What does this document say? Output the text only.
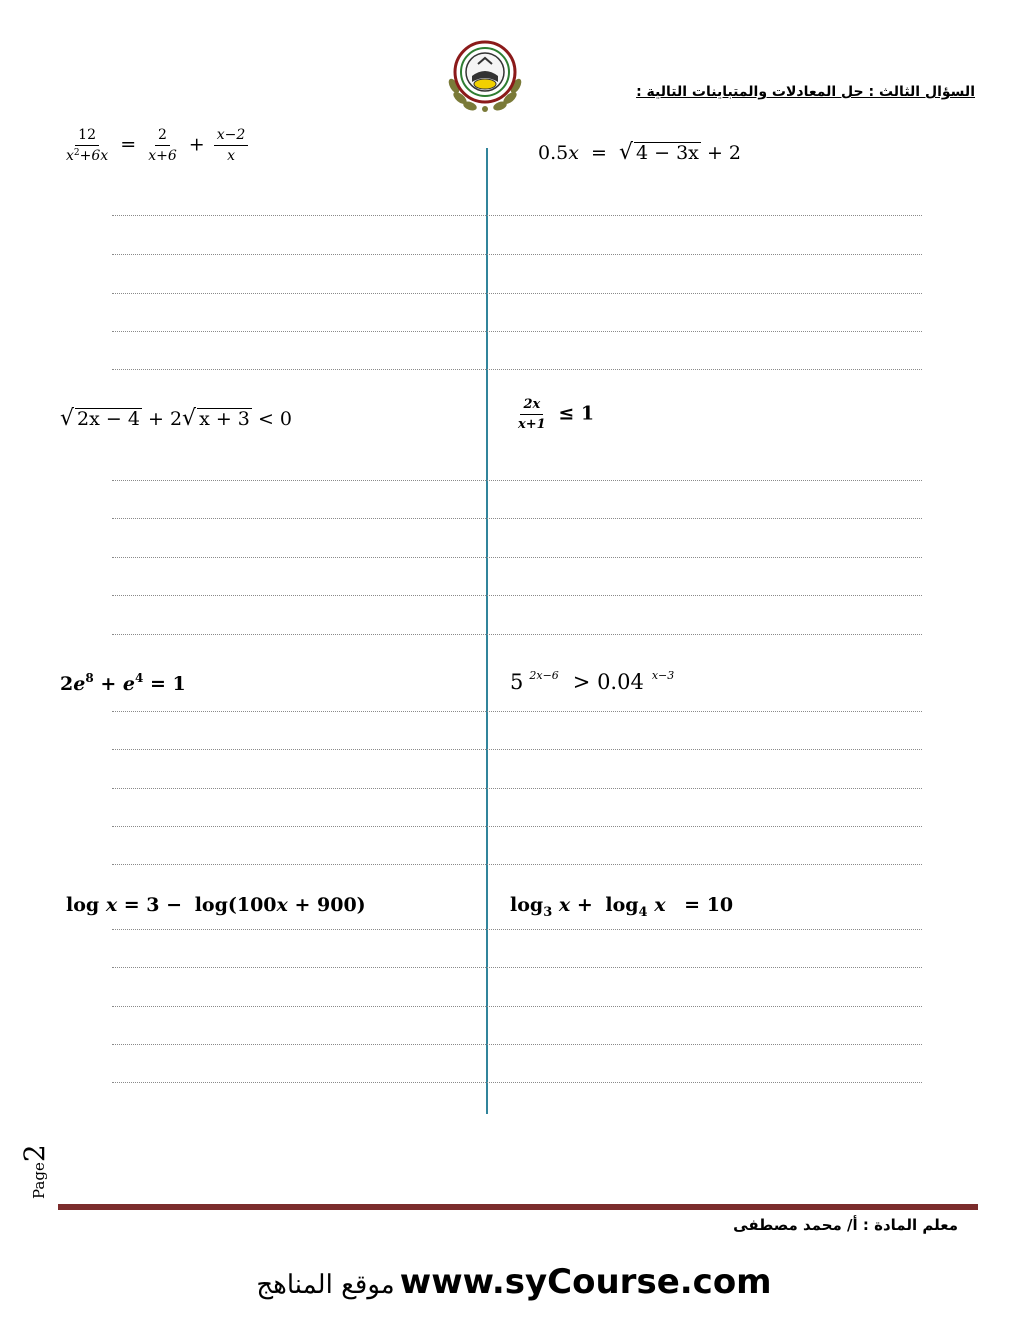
السؤال الثالث : حل المعادلات والمتباينات التالية :
$\frac{12}{x^2+6x} = \frac{2}{x+6} + \frac{x-2}{x}$	0.5x = √ 4 − 3x + 2
√ 2x − 4 + 2 √ x + 3 < 0	$\frac{2x}{x+1} \le 1$
$2e^8 + e^4 = 1$	5 $^{2x-6}$ > 0.04 $^{x-3}$
log x = 3 − log(100x + 900)	$\log_3 x + \log_4 x = 10$
Page2
معلم المادة : أ/ محمد مصطفى
موقع المناهج www.syCourse.com
